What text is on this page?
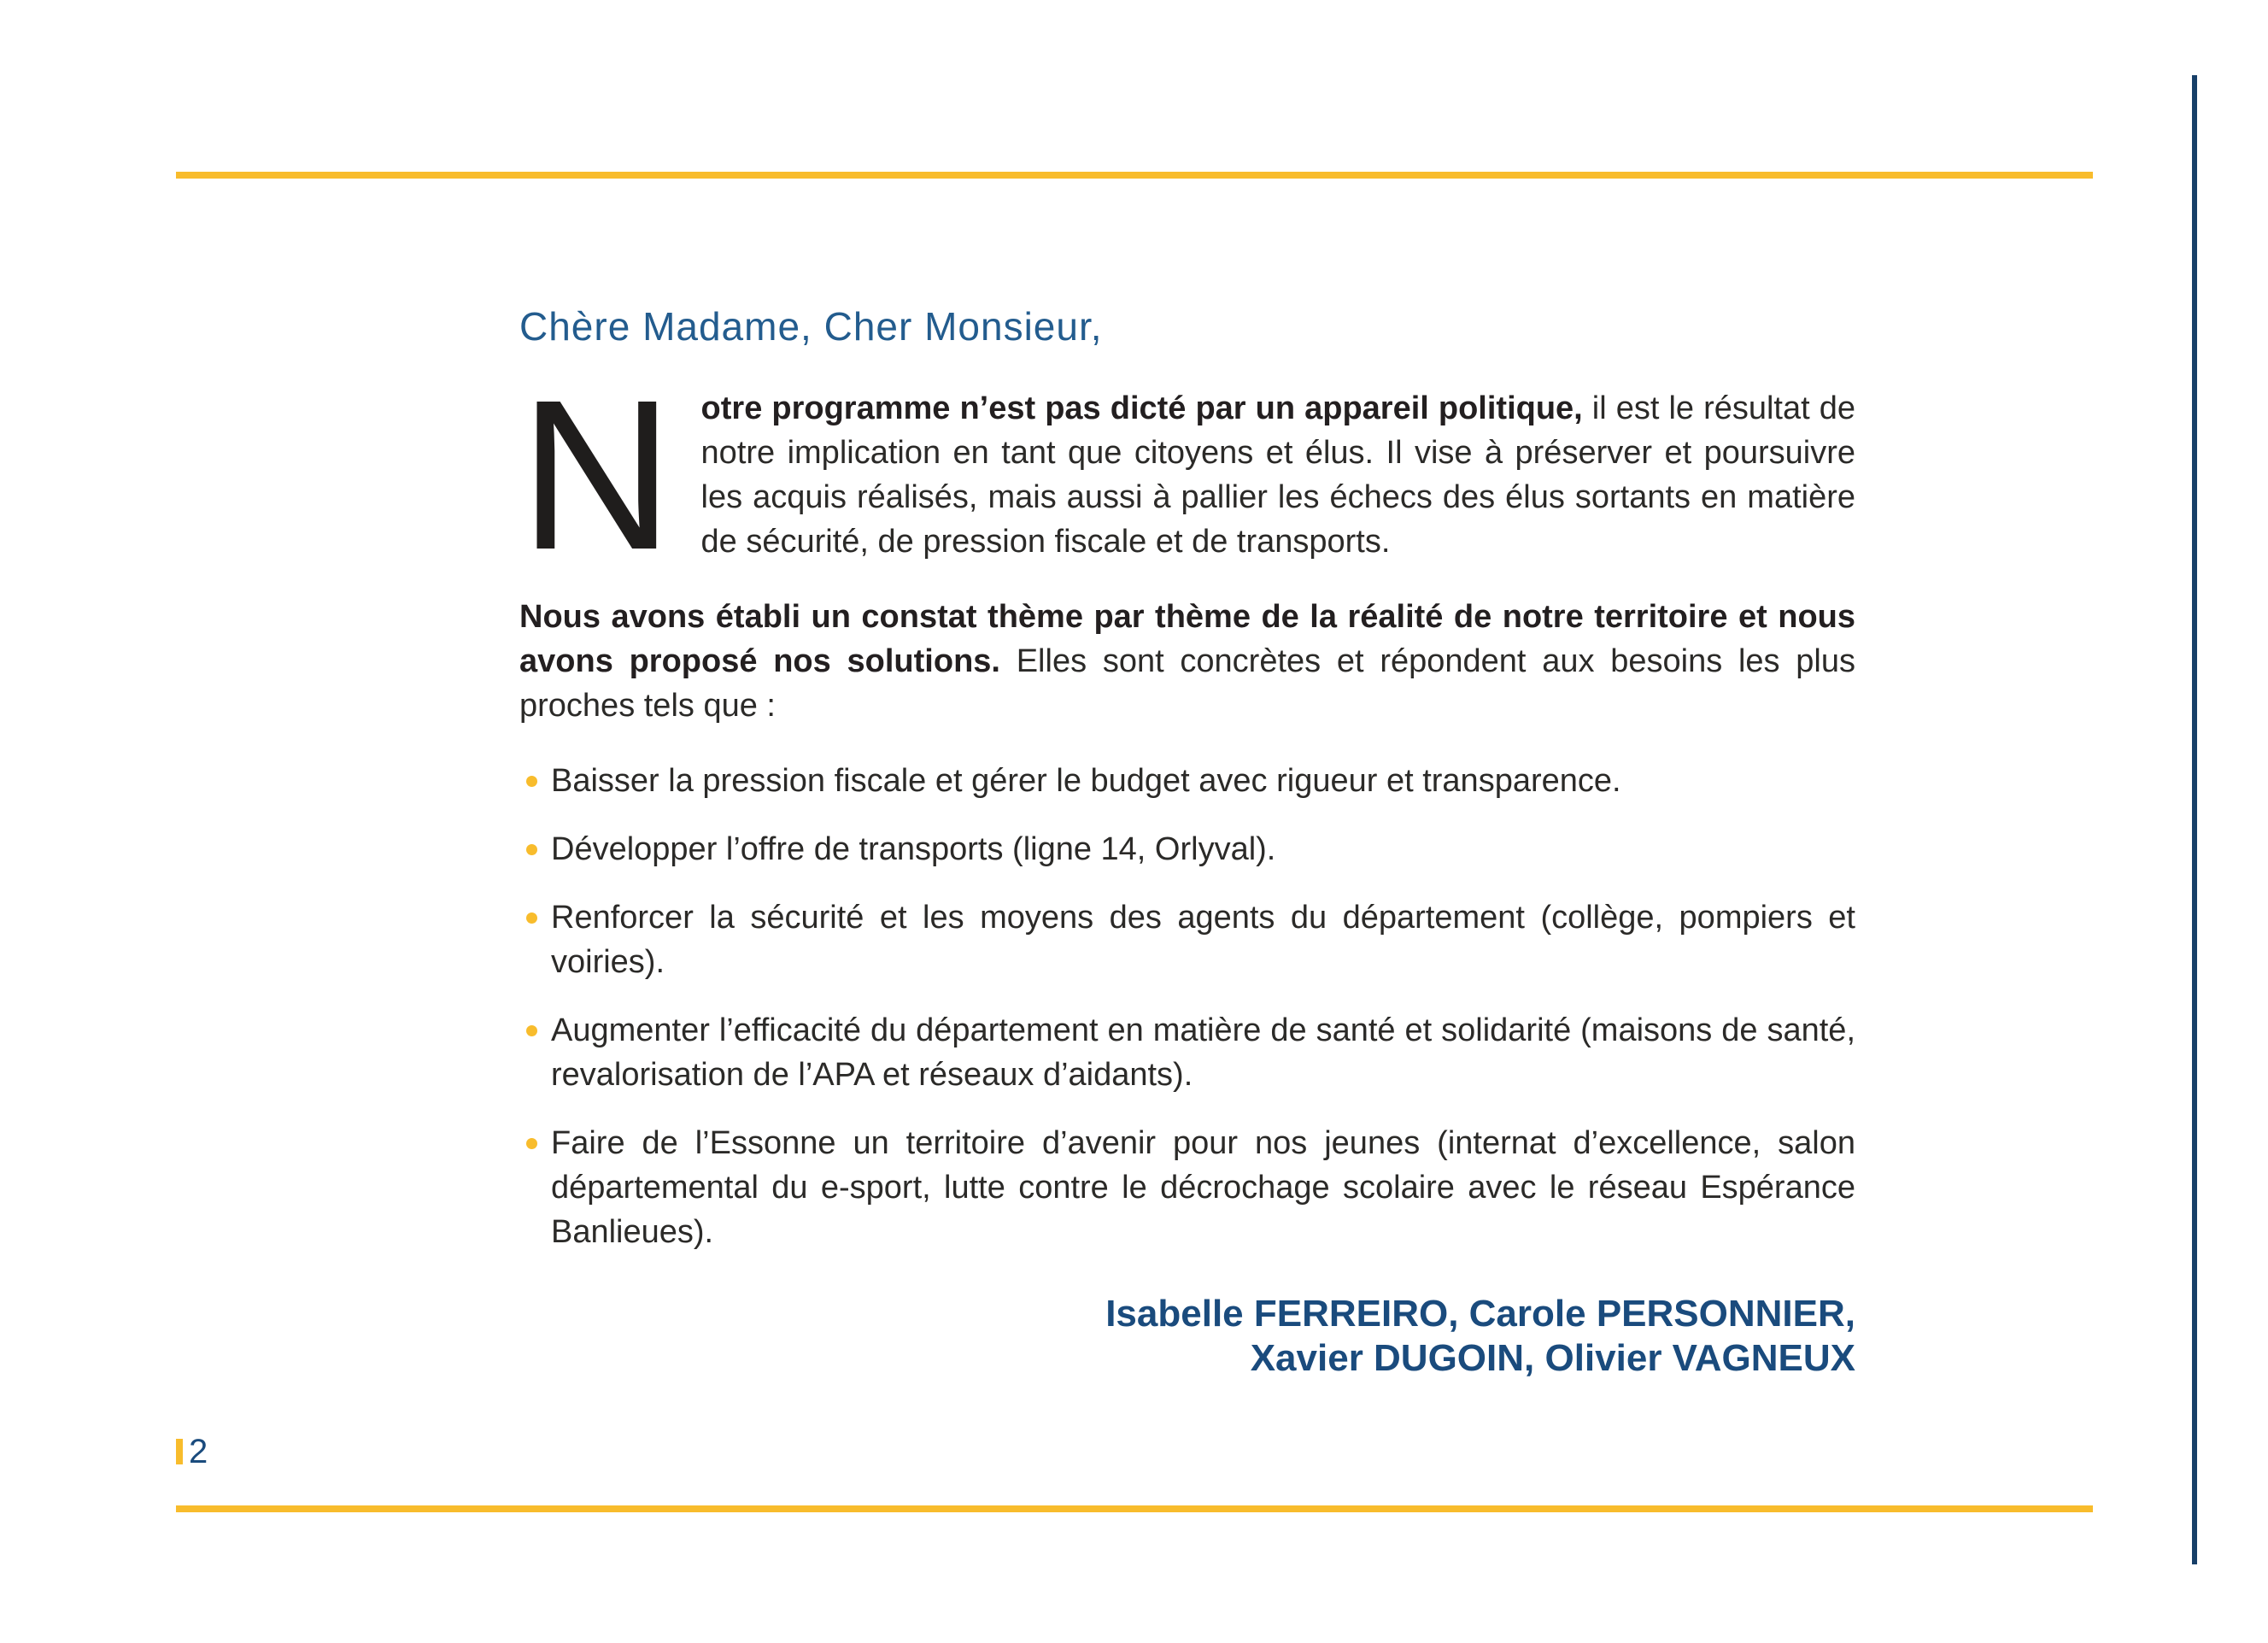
Chère Madame, Cher Monsieur,

Notre programme n’est pas dicté par un appareil politique, il est le résultat de notre implication en tant que citoyens et élus. Il vise à préserver et poursuivre les acquis réalisés, mais aussi à pallier les échecs des élus sortants en matière de sécurité, de pression fiscale et de transports.

Nous avons établi un constat thème par thème de la réalité de notre territoire et nous avons proposé nos solutions. Elles sont concrètes et répondent aux besoins les plus proches tels que :

Baisser la pression fiscale et gérer le budget avec rigueur et transparence.
Développer l’offre de transports (ligne 14, Orlyval).
Renforcer la sécurité et les moyens des agents du département (collège, pompiers et voiries).
Augmenter l’efficacité du département en matière de santé et solidarité (maisons de santé, revalorisation de l’APA et réseaux d’aidants).
Faire de l’Essonne un territoire d’avenir pour nos jeunes (internat d’excellence, salon départemental du e-sport, lutte contre le décrochage scolaire avec le réseau Espérance Banlieues).
Isabelle FERREIRO, Carole PERSONNIER,
Xavier DUGOIN, Olivier VAGNEUX
2
